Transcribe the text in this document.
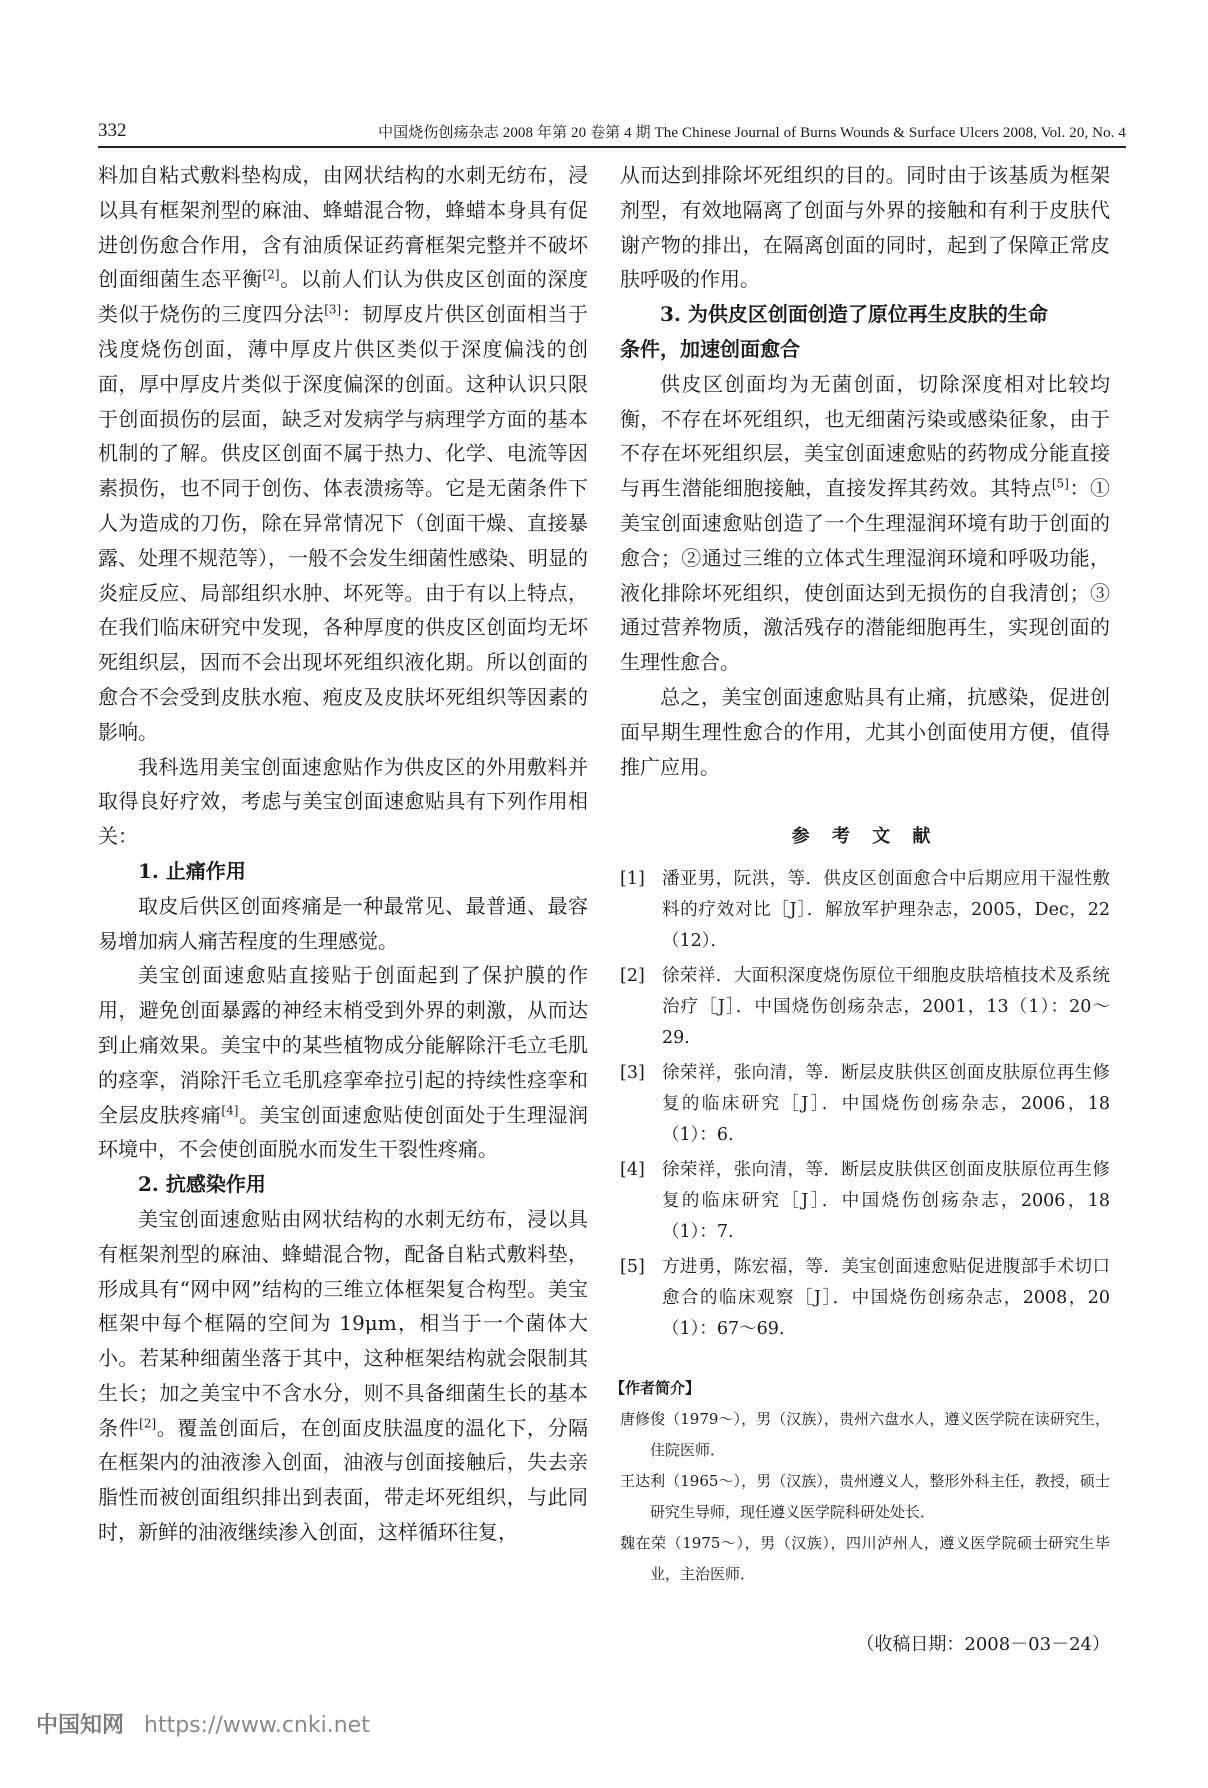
332	中国烧伤创疡杂志 2008 年第 20 卷第 4 期 The Chinese Journal of Burns Wounds & Surface Ulcers 2008, Vol. 20, No. 4

料加自粘式敷料垫构成，由网状结构的水刺无纺布，浸以具有框架剂型的麻油、蜂蜡混合物，蜂蜡本身具有促进创伤愈合作用，含有油质保证药膏框架完整并不破坏创面细菌生态平衡[2]。以前人们认为供皮区创面的深度类似于烧伤的三度四分法[3]：韧厚皮片供区创面相当于浅度烧伤创面，薄中厚皮片供区类似于深度偏浅的创面，厚中厚皮片类似于深度偏深的创面。这种认识只限于创面损伤的层面，缺乏对发病学与病理学方面的基本机制的了解。供皮区创面不属于热力、化学、电流等因素损伤，也不同于创伤、体表溃疡等。它是无菌条件下人为造成的刀伤，除在异常情况下（创面干燥、直接暴露、处理不规范等），一般不会发生细菌性感染、明显的炎症反应、局部组织水肿、坏死等。由于有以上特点，在我们临床研究中发现，各种厚度的供皮区创面均无坏死组织层，因而不会出现坏死组织液化期。所以创面的愈合不会受到皮肤水疱、疱皮及皮肤坏死组织等因素的影响。

我科选用美宝创面速愈贴作为供皮区的外用敷料并取得良好疗效，考虑与美宝创面速愈贴具有下列作用相关：

1. 止痛作用

取皮后供区创面疼痛是一种最常见、最普通、最容易增加病人痛苦程度的生理感觉。

美宝创面速愈贴直接贴于创面起到了保护膜的作用，避免创面暴露的神经末梢受到外界的刺激，从而达到止痛效果。美宝中的某些植物成分能解除汗毛立毛肌的痉挛，消除汗毛立毛肌痉挛牵拉引起的持续性痉挛和全层皮肤疼痛[4]。美宝创面速愈贴使创面处于生理湿润环境中，不会使创面脱水而发生干裂性疼痛。

2. 抗感染作用

美宝创面速愈贴由网状结构的水刺无纺布，浸以具有框架剂型的麻油、蜂蜡混合物，配备自粘式敷料垫，形成具有“网中网”结构的三维立体框架复合构型。美宝框架中每个框隔的空间为 19μm，相当于一个菌体大小。若某种细菌坐落于其中，这种框架结构就会限制其生长；加之美宝中不含水分，则不具备细菌生长的基本条件[2]。覆盖创面后，在创面皮肤温度的温化下，分隔在框架内的油液渗入创面，油液与创面接触后，失去亲脂性而被创面组织排出到表面，带走坏死组织，与此同时，新鲜的油液继续渗入创面，这样循环往复，

从而达到排除坏死组织的目的。同时由于该基质为框架剂型，有效地隔离了创面与外界的接触和有利于皮肤代谢产物的排出，在隔离创面的同时，起到了保障正常皮肤呼吸的作用。

3. 为供皮区创面创造了原位再生皮肤的生命

条件，加速创面愈合

供皮区创面均为无菌创面，切除深度相对比较均衡，不存在坏死组织，也无细菌污染或感染征象，由于不存在坏死组织层，美宝创面速愈贴的药物成分能直接与再生潜能细胞接触，直接发挥其药效。其特点[5]：①美宝创面速愈贴创造了一个生理湿润环境有助于创面的愈合；②通过三维的立体式生理湿润环境和呼吸功能，液化排除坏死组织，使创面达到无损伤的自我清创；③通过营养物质，激活残存的潜能细胞再生，实现创面的生理性愈合。

总之，美宝创面速愈贴具有止痛，抗感染，促进创面早期生理性愈合的作用，尤其小创面使用方便，值得推广应用。

参 考 文 献
[1] 潘亚男，阮洪，等．供皮区创面愈合中后期应用干湿性敷料的疗效对比［J］．解放军护理杂志，2005，Dec，22（12）．
[2] 徐荣祥．大面积深度烧伤原位干细胞皮肤培植技术及系统治疗［J］．中国烧伤创疡杂志，2001，13（1）：20～29.
[3] 徐荣祥，张向清，等．断层皮肤供区创面皮肤原位再生修复的临床研究［J］．中国烧伤创疡杂志，2006，18（1）：6.
[4] 徐荣祥，张向清，等．断层皮肤供区创面皮肤原位再生修复的临床研究［J］．中国烧伤创疡杂志，2006，18（1）：7.
[5] 方进勇，陈宏福，等．美宝创面速愈贴促进腹部手术切口愈合的临床观察［J］．中国烧伤创疡杂志，2008，20（1）：67～69.
【作者简介】
唐修俊（1979～），男（汉族），贵州六盘水人，遵义医学院在读研究生，住院医师．
王达利（1965～），男（汉族），贵州遵义人，整形外科主任，教授，硕士研究生导师，现任遵义医学院科研处处长．
魏在荣（1975～），男（汉族），四川泸州人，遵义医学院硕士研究生毕业，主治医师．
（收稿日期：2008－03－24）
中国知网 https://www.cnki.net
